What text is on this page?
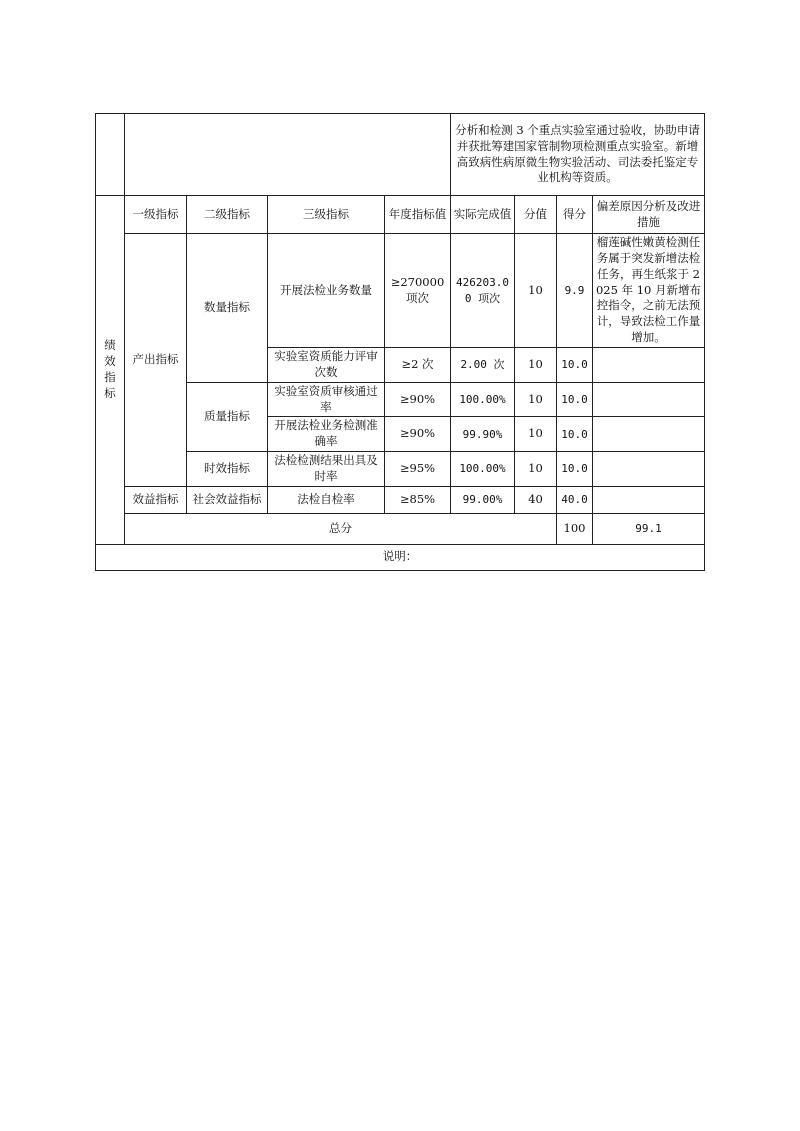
					分析和检测 3 个重点实验室通过验收，协助申请并获批筹建国家管制物项检测重点实验室。新增高致病性病原微生物实验活动、司法委托鉴定专业机构等资质。				
绩
效
指
标	一级指标	二级指标	三级指标	年度指标值	实际完成值	分值	得分	偏差原因分析及改进措施	
	产出指标	数量指标	开展法检业务数量	≥270000 项次	426203.00 项次	10	9.9	榴莲碱性嫩黄检测任务属于突发新增法检任务，再生纸浆于 2025 年 10 月新增布控指令，之前无法预计，导致法检工作量增加。	
			实验室资质能力评审次数	≥2 次	2.00 次	10	10.0		
		质量指标	实验室资质审核通过率	≥90%	100.00%	10	10.0		
			开展法检业务检测准确率	≥90%	99.90%	10	10.0		
		时效指标	法检检测结果出具及时率	≥95%	100.00%	10	10.0		
	效益指标	社会效益指标	法检自检率	≥85%	99.00%	40	40.0		
	总分						100	99.1	
说明：									
